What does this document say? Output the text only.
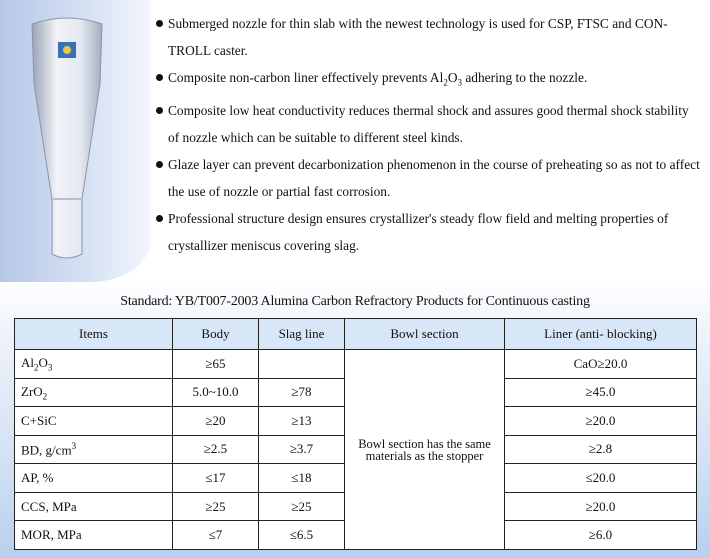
Submerged nozzle for thin slab with the newest technology is used for CSP, FTSC and CON-TROLL caster.
Composite non-carbon liner effectively prevents $Al_2O_3$ adhering to the nozzle.
Composite low heat conductivity reduces thermal shock and assures good thermal shock stability of nozzle which can be suitable to different steel kinds.
Glaze layer can prevent decarbonization phenomenon in the course of preheating so as not to affect the use of nozzle or partial fast corrosion.
Professional structure design ensures crystallizer's steady flow field and melting properties of crystallizer meniscus covering slag.
Standard: YB/T007-2003 Alumina Carbon Refractory Products for Continuous casting
Items	Body	Slag line	Bowl section	Liner (anti- blocking)
$Al_2O_3$	≥65		Bowl section has the same materials as the stopper	CaO≥20.0
ZrO$_2$	5.0~10.0	≥78		≥45.0
C+SiC	≥20	≥13		≥20.0
BD, $g/cm^3$	≥2.5	≥3.7		≥2.8
AP, %	≤17	≤18		≤20.0
CCS, MPa	≥25	≥25		≥20.0
MOR, MPa	≤7	≤6.5		≥6.0
